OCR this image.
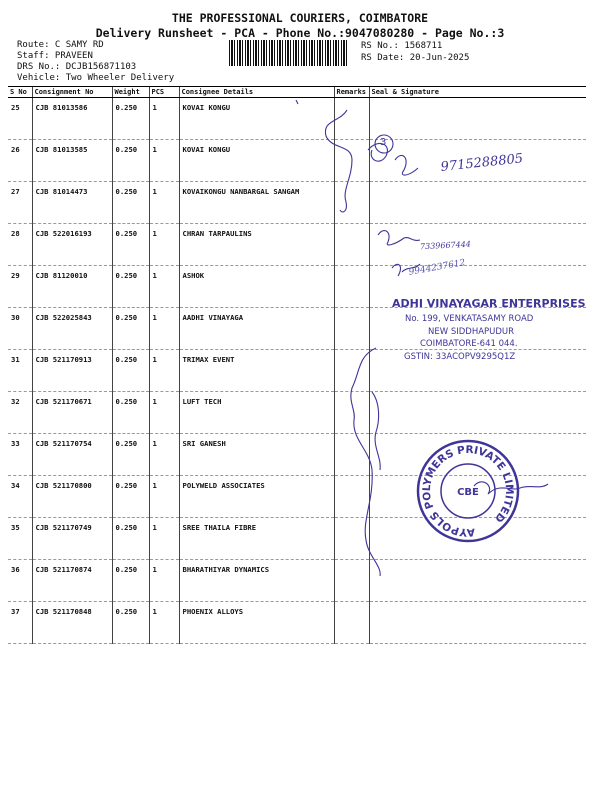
THE PROFESSIONAL COURIERS, COIMBATORE
Delivery Runsheet - PCA - Phone No.:9047080280 - Page No.:3
Route: C SAMY RD
Staff: PRAVEEN
DRS No.: DCJB156871103
Vehicle: Two Wheeler Delivery
RS No.: 1568711
RS Date: 20-Jun-2025
S No	Consignment No	Weight	PCS	Consignee Details	Remarks	Seal & Signature
25	CJB 81013586	0.250	1	KOVAI KONGU		
26	CJB 81013585	0.250	1	KOVAI KONGU		
27	CJB 81014473	0.250	1	KOVAIKONGU NANBARGAL SANGAM		
28	CJB 522016193	0.250	1	CHRAN TARPAULINS		
29	CJB 81120010	0.250	1	ASHOK		
30	CJB 522025843	0.250	1	AADHI VINAYAGA		
31	CJB 521170913	0.250	1	TRIMAX EVENT		
32	CJB 521170671	0.250	1	LUFT TECH		
33	CJB 521170754	0.250	1	SRI GANESH		
34	CJB 521170800	0.250	1	POLYWELD ASSOCIATES		
35	CJB 521170749	0.250	1	SREE THAILA FIBRE		
36	CJB 521170874	0.250	1	BHARATHIYAR DYNAMICS		
37	CJB 521170848	0.250	1	PHOENIX ALLOYS		
3
9715288805
7339667444
9944237612
ADHI VINAYAGAR ENTERPRISES
No. 199, VENKATASAMY ROAD
NEW SIDDHAPUDUR
COIMBATORE-641 044.
GSTIN: 33ACOPV9295Q1Z
AYPOLS POLYMERS PRIVATE LIMITED
CBE
